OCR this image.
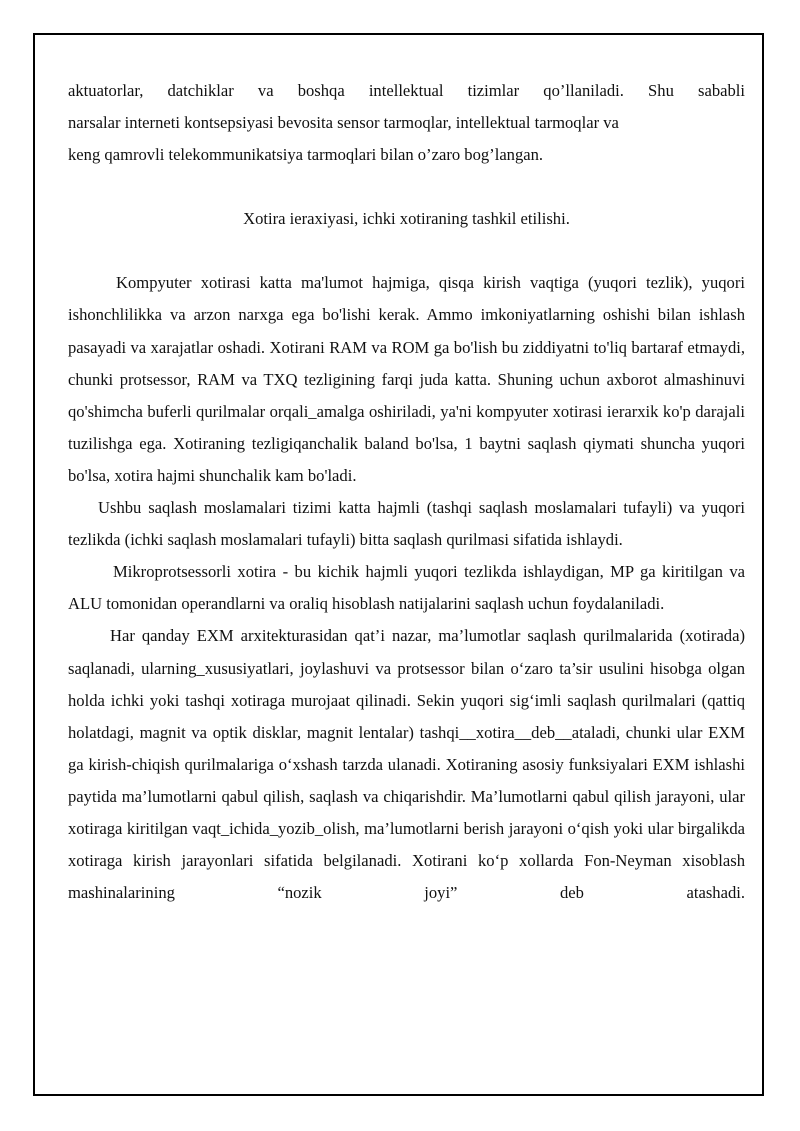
aktuatorlar, datchiklar va boshqa intellektual tizimlar qo’llaniladi. Shu sababli

narsalar interneti kontsepsiyasi bevosita sensor tarmoqlar, intellektual tarmoqlar va

keng qamrovli telekommunikatsiya tarmoqlari bilan o’zaro bog’langan.

Xotira ieraxiyasi, ichki xotiraning tashkil etilishi.

Kompyuter xotirasi katta ma'lumot hajmiga, qisqa kirish vaqtiga (yuqori tezlik), yuqori ishonchlilikka va arzon narxga ega bo'lishi kerak. Ammo imkoniyatlarning oshishi bilan ishlash pasayadi va xarajatlar oshadi. Xotirani RAM va ROM ga bo'lish bu ziddiyatni to'liq bartaraf etmaydi, chunki protsessor, RAM va TXQ tezligining farqi juda katta. Shuning uchun axborot almashinuvi qo'shimcha buferli qurilmalar orqali_amalga oshiriladi, ya'ni kompyuter xotirasi ierarxik ko'p darajali tuzilishga ega. Xotiraning tezligiqanchalik baland bo'lsa, 1 baytni saqlash qiymati shuncha yuqori bo'lsa, xotira hajmi shunchalik kam bo'ladi.

Ushbu saqlash moslamalari tizimi katta hajmli (tashqi saqlash moslamalari tufayli) va yuqori tezlikda (ichki saqlash moslamalari tufayli) bitta saqlash qurilmasi sifatida ishlaydi.

Mikroprotsessorli xotira - bu kichik hajmli yuqori tezlikda ishlaydigan, MP ga kiritilgan va ALU tomonidan operandlarni va oraliq hisoblash natijalarini saqlash uchun foydalaniladi.

Har qanday EXM arxitekturasidan qat’i nazar, ma’lumotlar saqlash qurilmalarida (xotirada) saqlanadi, ularning_xususiyatlari, joylashuvi va protsessor bilan o‘zaro ta’sir usulini hisobga olgan holda ichki yoki tashqi xotiraga murojaat qilinadi. Sekin yuqori sig‘imli saqlash qurilmalari (qattiq holatdagi, magnit va optik disklar, magnit lentalar) tashqi__xotira__deb__ataladi, chunki ular EXM ga kirish-chiqish qurilmalariga o‘xshash tarzda ulanadi. Xotiraning asosiy funksiyalari EXM ishlashi paytida ma’lumotlarni qabul qilish, saqlash va chiqarishdir. Ma’lumotlarni qabul qilish jarayoni, ular xotiraga kiritilgan vaqt_ichida_yozib_olish, ma’lumotlarni berish jarayoni o‘qish yoki ular birgalikda xotiraga kirish jarayonlari sifatida belgilanadi. Xotirani ko‘p xollarda Fon-Neyman xisoblash mashinalarining “nozik joyi” deb atashadi.
